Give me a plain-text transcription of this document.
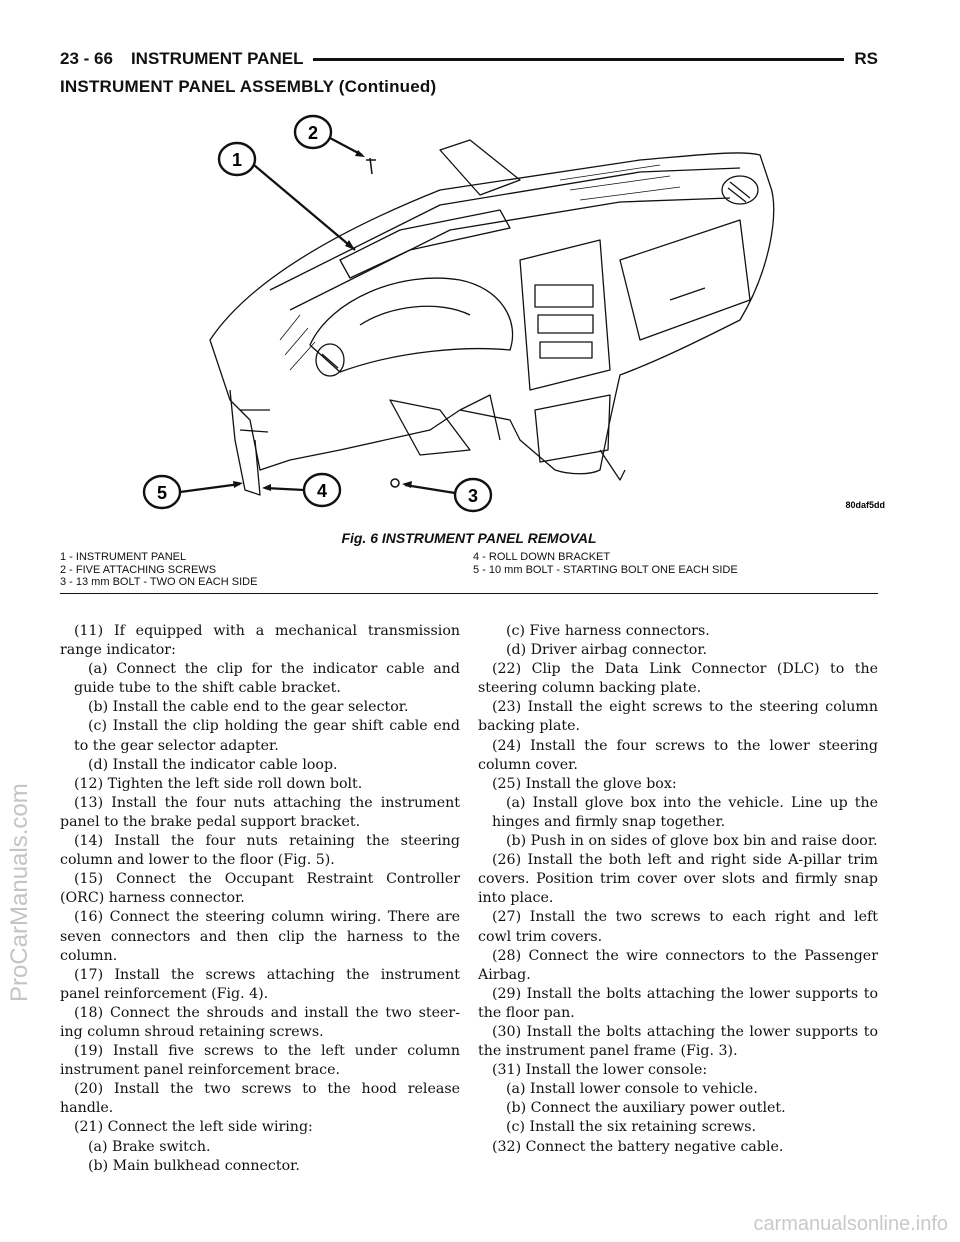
23 - 66 INSTRUMENT PANEL	RS
INSTRUMENT PANEL ASSEMBLY (Continued)
1
2
3
4
5
80daf5dd
Fig. 6 INSTRUMENT PANEL REMOVAL
1 - INSTRUMENT PANEL
2 - FIVE ATTACHING SCREWS
3 - 13 mm BOLT - TWO ON EACH SIDE
4 - ROLL DOWN BRACKET
5 - 10 mm BOLT - STARTING BOLT ONE EACH SIDE

(11) If equipped with a mechanical transmission range indicator:

(a) Connect the clip for the indicator cable and guide tube to the shift cable bracket.

(b) Install the cable end to the gear selector.

(c) Install the clip holding the gear shift cable end to the gear selector adapter.

(d) Install the indicator cable loop.

(12) Tighten the left side roll down bolt.

(13) Install the four nuts attaching the instrument panel to the brake pedal support bracket.

(14) Install the four nuts retaining the steering column and lower to the floor (Fig. 5).

(15) Connect the Occupant Restraint Controller (ORC) harness connector.

(16) Connect the steering column wiring. There are seven connectors and then clip the harness to the column.

(17) Install the screws attaching the instrument panel reinforcement (Fig. 4).

(18) Connect the shrouds and install the two steer- ing column shroud retaining screws.

(19) Install five screws to the left under column instrument panel reinforcement brace.

(20) Install the two screws to the hood release handle.

(21) Connect the left side wiring:

(a) Brake switch.

(b) Main bulkhead connector.

(c) Five harness connectors.

(d) Driver airbag connector.

(22) Clip the Data Link Connector (DLC) to the steering column backing plate.

(23) Install the eight screws to the steering column backing plate.

(24) Install the four screws to the lower steering column cover.

(25) Install the glove box:

(a) Install glove box into the vehicle. Line up the hinges and firmly snap together.

(b) Push in on sides of glove box bin and raise door.

(26) Install the both left and right side A-pillar trim covers. Position trim cover over slots and firmly snap into place.

(27) Install the two screws to each right and left cowl trim covers.

(28) Connect the wire connectors to the Passenger Airbag.

(29) Install the bolts attaching the lower supports to the floor pan.

(30) Install the bolts attaching the lower supports to the instrument panel frame (Fig. 3).

(31) Install the lower console:

(a) Install lower console to vehicle.

(b) Connect the auxiliary power outlet.

(c) Install the six retaining screws.

(32) Connect the battery negative cable.

ProCarManuals.com
carmanualsonline.info
